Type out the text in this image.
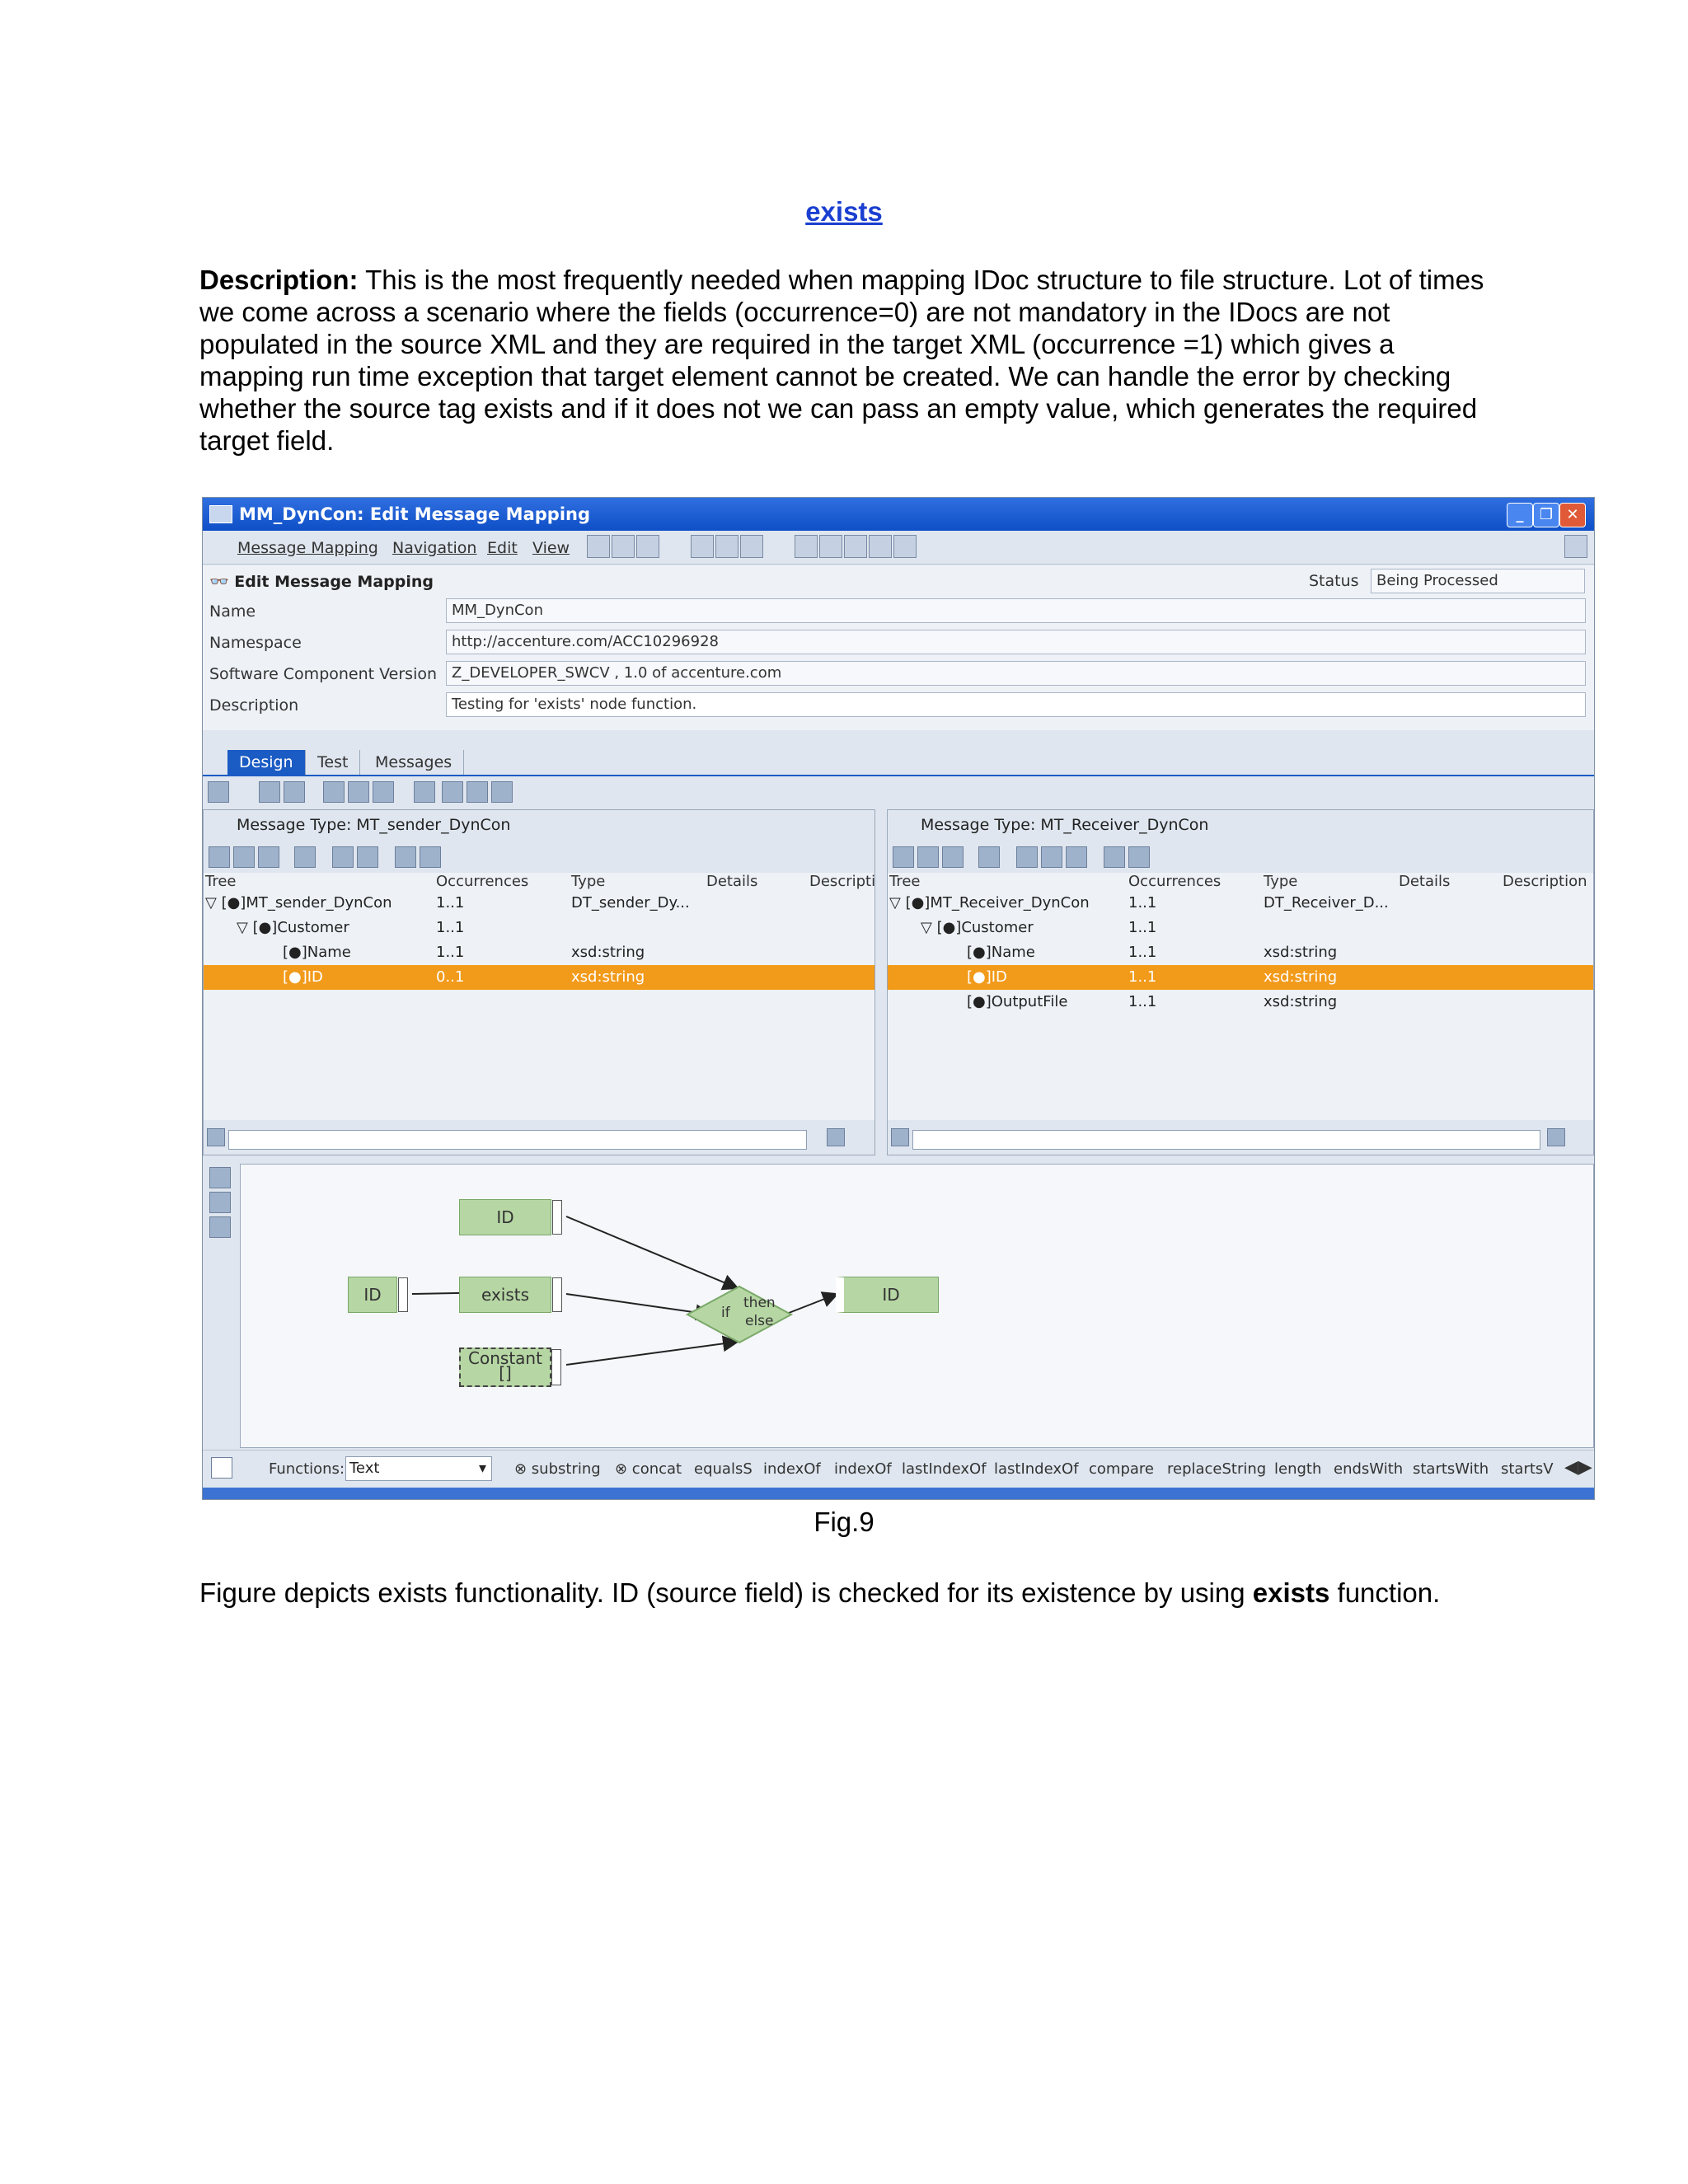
exists
Description: This is the most frequently needed when mapping IDoc structure to file structure. Lot of times we come across a scenario where the fields (occurrence=0) are not mandatory in the IDocs are not populated in the source XML and they are required in the target XML (occurrence =1) which gives a mapping run time exception that target element cannot be created. We can handle the error by checking whether the source tag exists and if it does not we can pass an empty value, which generates the required target field.
MM_DynCon: Edit Message Mapping	_	❐ ✕
Message Mapping Navigation Edit View
👓 Edit Message Mapping	Status	Being Processed
Name	MM_DynCon
Namespace	http://accenture.com/ACC10296928
Software Component Version Z_DEVELOPER_SWCV , 1.0 of accenture.com
Description	Testing for 'exists' node function.
Design	Test	Messages
Message Type: MT_sender_DynCon
Tree	Occurrences	Type	Details	Descripti
▽ [●]MT_sender_DynCon	1..1	DT_sender_Dy...
▽ [●]Customer	1..1
[●]Name	1..1	xsd:string
[●]ID	0..1	xsd:string
Message Type: MT_Receiver_DynCon
Tree	Occurrences	Type	Details	Description
▽ [●]MT_Receiver_DynCon	1..1	DT_Receiver_D...
▽ [●]Customer	1..1
[●]Name	1..1	xsd:string
[●]ID	1..1	xsd:string
[●]OutputFile	1..1	xsd:string
ID
ID
exists
Constant
[]
if
then
else
ID
Functions: Text	▾ ⊗ substring ⊗ concat equalsS indexOf indexOf lastIndexOf lastIndexOf compare replaceString length endsWith startsWith startsV ◀▶
Fig.9
Figure depicts exists functionality. ID (source field) is checked for its existence by using exists function.
